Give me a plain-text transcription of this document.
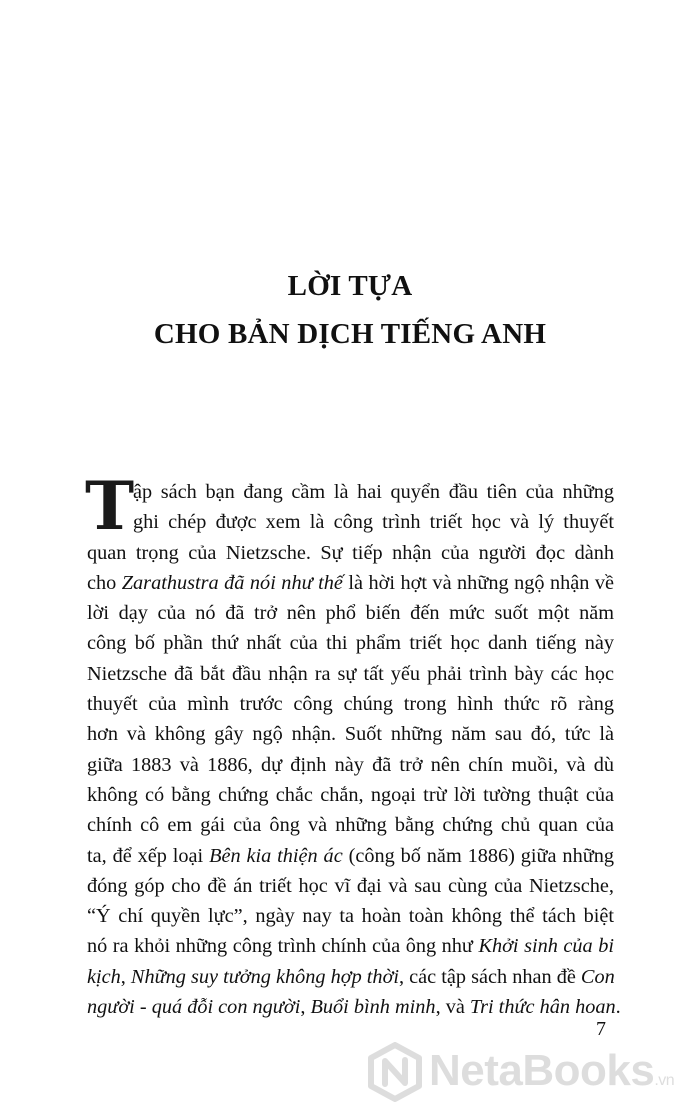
LỜI TỰA
CHO BẢN DỊCH TIẾNG ANH
T
ập sách bạn đang cầm là hai quyển đầu tiên của những
ghi chép được xem là công trình triết học và lý thuyết
quan trọng của Nietzsche. Sự tiếp nhận của người đọc dành
cho Zarathustra đã nói như thế là hời hợt và những ngộ nhận về
lời dạy của nó đã trở nên phổ biến đến mức suốt một năm
công bố phần thứ nhất của thi phẩm triết học danh tiếng này
Nietzsche đã bắt đầu nhận ra sự tất yếu phải trình bày các học
thuyết của mình trước công chúng trong hình thức rõ ràng
hơn và không gây ngộ nhận. Suốt những năm sau đó, tức là
giữa 1883 và 1886, dự định này đã trở nên chín muồi, và dù
không có bằng chứng chắc chắn, ngoại trừ lời tường thuật của
chính cô em gái của ông và những bằng chứng chủ quan của
ta, để xếp loại Bên kia thiện ác (công bố năm 1886) giữa những
đóng góp cho đề án triết học vĩ đại và sau cùng của Nietzsche,
“Ý chí quyền lực”, ngày nay ta hoàn toàn không thể tách biệt
nó ra khỏi những công trình chính của ông như Khởi sinh của bi
kịch, Những suy tưởng không hợp thời, các tập sách nhan đề Con
người - quá đỗi con người, Buổi bình minh, và Tri thức hân hoan.
7
NetaBooks.vn
